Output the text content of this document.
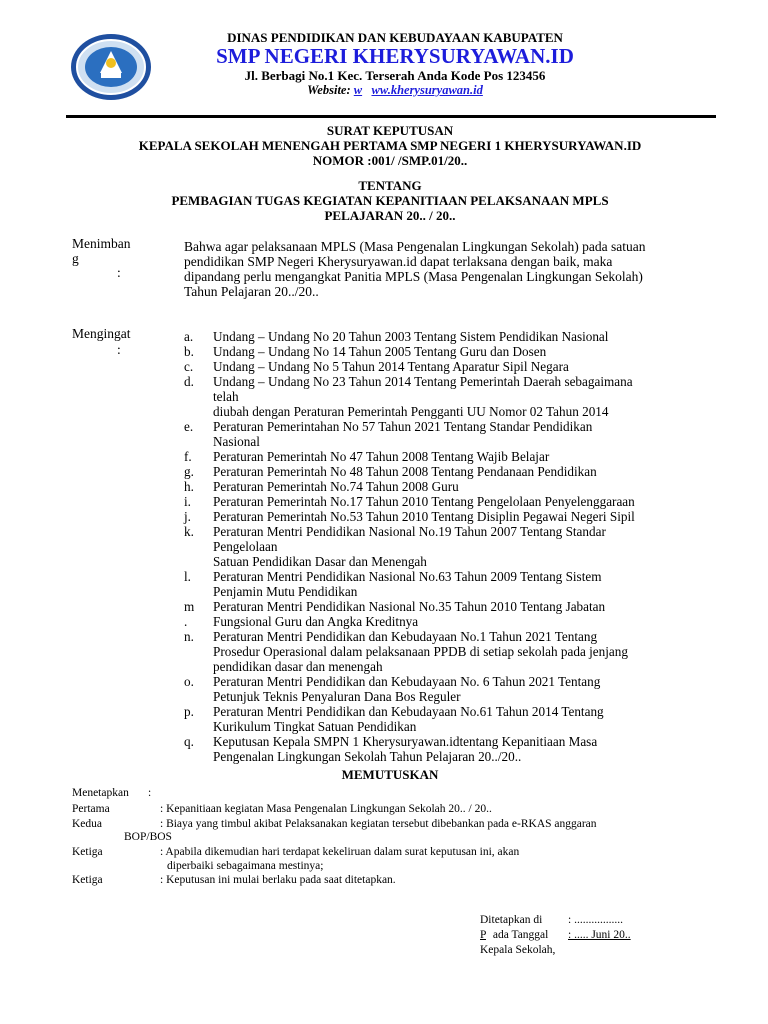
DINAS PENDIDIKAN DAN KEBUDAYAAN KABUPATEN
SMP NEGERI KHERYSURYAWAN.ID
Jl. Berbagi No.1 Kec. Terserah Anda Kode Pos 123456
Website: w ww.kherysuryawan.id
SURAT KEPUTUSAN
KEPALA SEKOLAH MENENGAH PERTAMA SMP NEGERI 1 KHERYSURYAWAN.ID
NOMOR :001/ /SMP.01/20..
TENTANG
PEMBAGIAN TUGAS KEGIATAN KEPANITIAAN PELAKSANAAN MPLS
PELAJARAN 20.. / 20..
Menimban
g
:
Bahwa agar pelaksanaan MPLS (Masa Pengenalan Lingkungan Sekolah) pada satuan
pendidikan SMP Negeri Kherysuryawan.id dapat terlaksana dengan baik, maka
dipandang perlu mengangkat Panitia MPLS (Masa Pengenalan Lingkungan Sekolah)
Tahun Pelajaran 20../20..
Mengingat
:
a.	Undang – Undang No 20 Tahun 2003 Tentang Sistem Pendidikan Nasional
b.	Undang – Undang No 14 Tahun 2005 Tentang Guru dan Dosen
c.	Undang – Undang No 5 Tahun 2014 Tentang Aparatur Sipil Negara
d.	Undang – Undang No 23 Tahun 2014 Tentang Pemerintah Daerah sebagaimana
telah
diubah dengan Peraturan Pemerintah Pengganti UU Nomor 02 Tahun 2014
e.	Peraturan Pemerintahan No 57 Tahun 2021 Tentang Standar Pendidikan
Nasional
f.	Peraturan Pemerintah No 47 Tahun 2008 Tentang Wajib Belajar
g.	Peraturan Pemerintah No 48 Tahun 2008 Tentang Pendanaan Pendidikan
h.	Peraturan Pemerintah No.74 Tahun 2008 Guru
i.	Peraturan Pemerintah No.17 Tahun 2010 Tentang Pengelolaan Penyelenggaraan
j.	Peraturan Pemerintah No.53 Tahun 2010 Tentang Disiplin Pegawai Negeri Sipil
k.	Peraturan Mentri Pendidikan Nasional No.19 Tahun 2007 Tentang Standar
Pengelolaan
Satuan Pendidikan Dasar dan Menengah
l.	Peraturan Mentri Pendidikan Nasional No.63 Tahun 2009 Tentang Sistem
Penjamin Mutu Pendidikan
m
.
Peraturan Mentri Pendidikan Nasional No.35 Tahun 2010 Tentang Jabatan
Fungsional Guru dan Angka Kreditnya
n.	Peraturan Mentri Pendidikan dan Kebudayaan No.1 Tahun 2021 Tentang
Prosedur Operasional dalam pelaksanaan PPDB di setiap sekolah pada jenjang
pendidikan dasar dan menengah
o.	Peraturan Mentri Pendidikan dan Kebudayaan No. 6 Tahun 2021 Tentang
Petunjuk Teknis Penyaluran Dana Bos Reguler
p.	Peraturan Mentri Pendidikan dan Kebudayaan No.61 Tahun 2014 Tentang
Kurikulum Tingkat Satuan Pendidikan
q.	Keputusan Kepala SMPN 1 Kherysuryawan.idtentang Kepanitiaan Masa
Pengenalan Lingkungan Sekolah Tahun Pelajaran 20../20..
MEMUTUSKAN
Menetapkan :
Pertama	: Kepanitiaan kegiatan Masa Pengenalan Lingkungan Sekolah 20.. / 20..
Kedua	: Biaya yang timbul akibat Pelaksanakan kegiatan tersebut dibebankan pada e-RKAS anggaran
BOP/BOS
Ketiga	: Apabila dikemudian hari terdapat kekeliruan dalam surat keputusan ini, akan
diperbaiki sebagaimana mestinya;
Ketiga	: Keputusan ini mulai berlaku pada saat ditetapkan.
Ditetapkan di : .................
P ada Tanggal : ..... Juni 20..
Kepala Sekolah,
